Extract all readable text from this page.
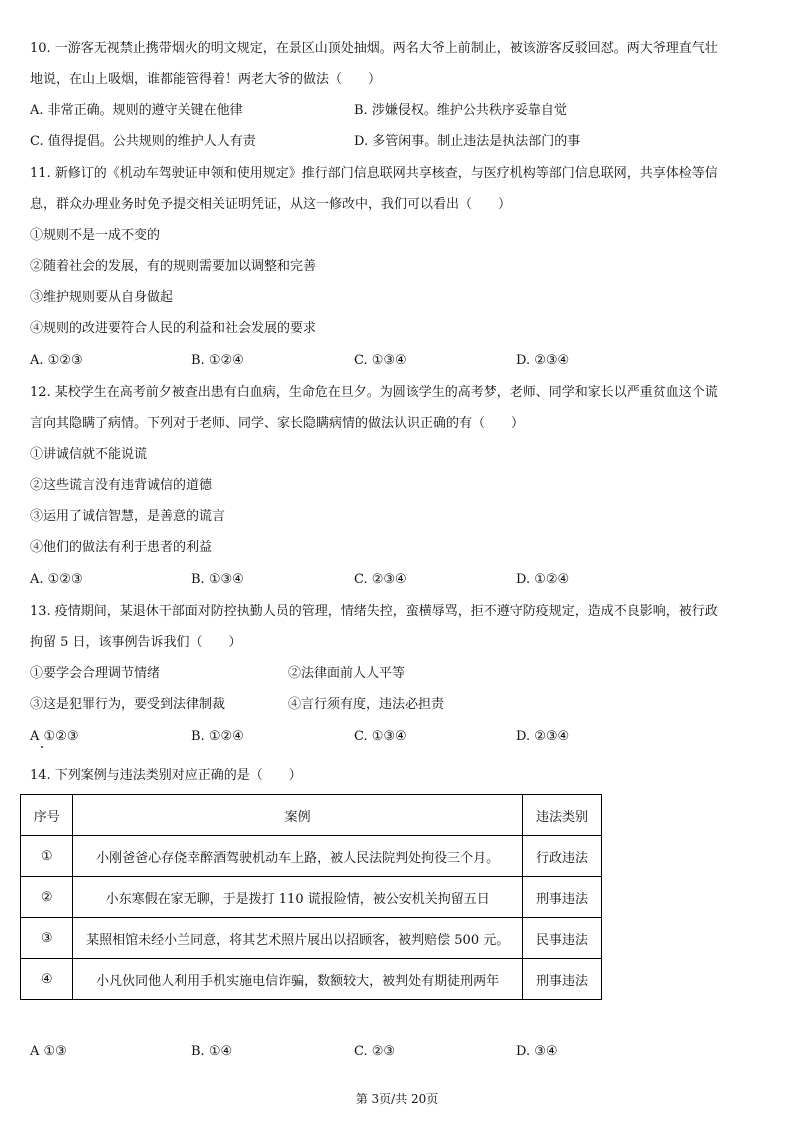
10. 一游客无视禁止携带烟火的明文规定，在景区山顶处抽烟。两名大爷上前制止，被该游客反驳回怼。两大爷理直气壮
地说，在山上吸烟，谁都能管得着！两老大爷的做法（　　）
A. 非常正确。规则的遵守关键在他律	B. 涉嫌侵权。维护公共秩序妥靠自觉
C. 值得提倡。公共规则的维护人人有责	D. 多管闲事。制止违法是执法部门的事
11. 新修订的《机动车驾驶证申领和使用规定》推行部门信息联网共享核查，与医疗机构等部门信息联网，共享体检等信
息，群众办理业务时免予提交相关证明凭证，从这一修改中，我们可以看出（　　）
①规则不是一成不变的
②随着社会的发展，有的规则需要加以调整和完善
③维护规则要从自身做起
④规则的改进要符合人民的利益和社会发展的要求
A. ①②③	B. ①②④	C. ①③④	D. ②③④
12. 某校学生在高考前夕被查出患有白血病，生命危在旦夕。为圆该学生的高考梦，老师、同学和家长以严重贫血这个谎
言向其隐瞒了病情。下列对于老师、同学、家长隐瞒病情的做法认识正确的有（　　）
①讲诚信就不能说谎
②这些谎言没有违背诚信的道德
③运用了诚信智慧，是善意的谎言
④他们的做法有利于患者的利益
A. ①②③	B. ①③④	C. ②③④	D. ①②④
13. 疫情期间，某退休干部面对防控执勤人员的管理，情绪失控，蛮横辱骂，拒不遵守防疫规定，造成不良影响，被行政
拘留 5 日，该事例告诉我们（　　）
①要学会合理调节情绪	②法律面前人人平等
③这是犯罪行为，要受到法律制裁	④言行须有度，违法必担责
A ①②③	B. ①②④	C. ①③④	D. ②③④
14. 下列案例与违法类别对应正确的是（　　）
序号	案例	违法类别
①	小刚爸爸心存侥幸醉酒驾驶机动车上路，被人民法院判处拘役三个月。	行政违法
②	小东寒假在家无聊，于是拨打 110 谎报险情，被公安机关拘留五日	刑事违法
③	某照相馆未经小兰同意，将其艺术照片展出以招顾客，被判赔偿 500 元。	民事违法
④	小凡伙同他人利用手机实施电信诈骗，数额较大，被判处有期徒刑两年	刑事违法
A ①③	B. ①④	C. ②③	D. ③④
第 3页/共 20页
